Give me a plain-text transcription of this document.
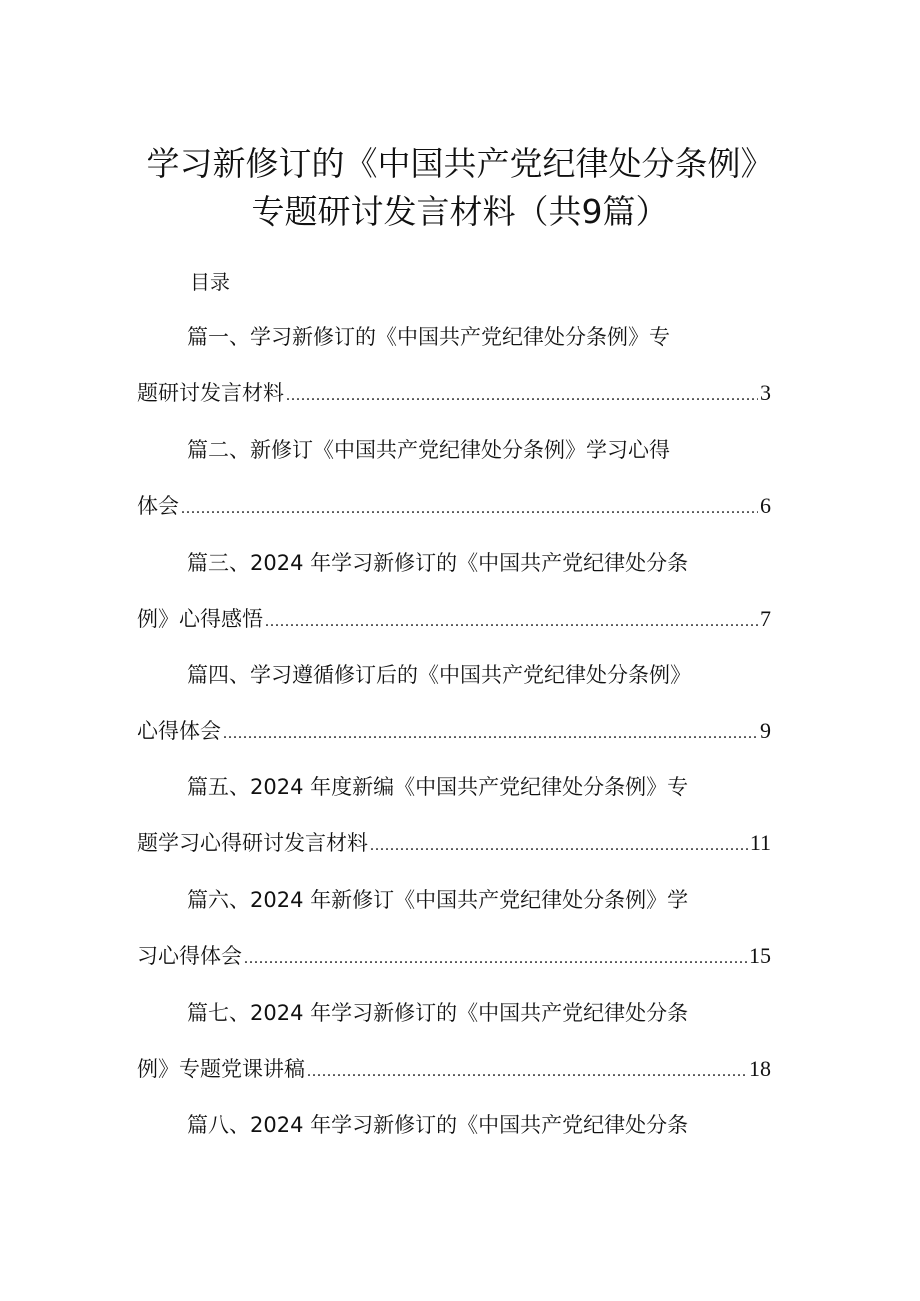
学习新修订的《中国共产党纪律处分条例》
专题研讨发言材料（共9篇）
目录
篇一、学习新修订的《中国共产党纪律处分条例》专
题研讨发言材料 .....	3
篇二、新修订《中国共产党纪律处分条例》学习心得
体会 .....	6
篇三、2024 年学习新修订的《中国共产党纪律处分条
例》心得感悟 .....	7
篇四、学习遵循修订后的《中国共产党纪律处分条例》
心得体会 .....	9
篇五、2024 年度新编《中国共产党纪律处分条例》专
题学习心得研讨发言材料 .....	11
篇六、2024 年新修订《中国共产党纪律处分条例》学
习心得体会 .....	15
篇七、2024 年学习新修订的《中国共产党纪律处分条
例》专题党课讲稿 .....	18
篇八、2024 年学习新修订的《中国共产党纪律处分条
